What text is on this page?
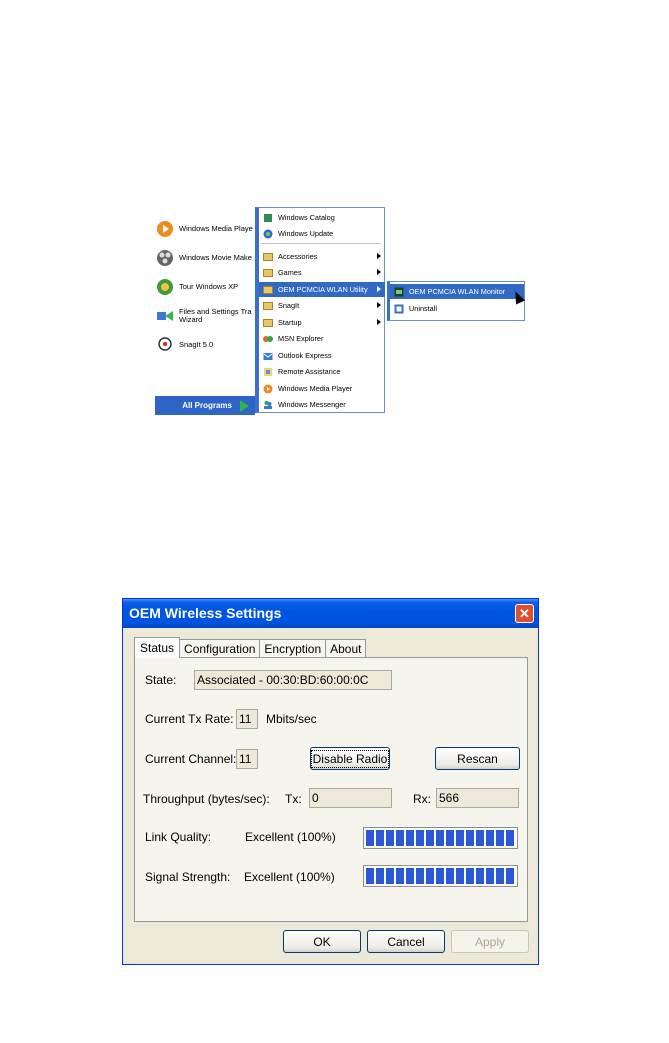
Windows Media Playe
Windows Movie Make
Tour Windows XP
Files and Settings Tra
Wizard
SnagIt 5.0
All Programs
Windows Catalog
Windows Update
Accessories
Games
OEM PCMCIA WLAN Utility
SnagIt
Startup
MSN Explorer
Outlook Express
Remote Assistance
Windows Media Player
Windows Messenger
OEM PCMCIA WLAN Monitor
Uninstall
OEM Wireless Settings	✕
Status Configuration Encryption About
State: Associated - 00:30:BD:60:00:0C
Current Tx Rate: 11	Mbits/sec
Current Channel: 11	Disable Radio	Rescan
Throughput (bytes/sec): Tx: 0	Rx: 566
Link Quality:	Excellent (100%)
Signal Strength: Excellent (100%)
OK	Cancel	Apply
